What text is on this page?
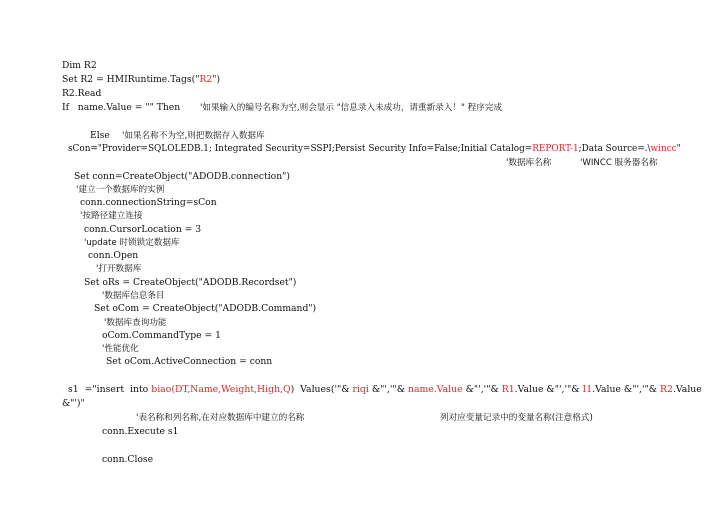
Dim R2
Set R2 = HMIRuntime.Tags("R2")
R2.Read
If   name.Value = "" Then '如果输入的编号名称为空,则会显示 "信息录入未成功，请重新录入！" 程序完成
Else '如果名称不为空,则把数据存入数据库
sCon="Provider=SQLOLEDB.1; Integrated Security=SSPI;Persist Security Info=False;Initial Catalog=REPORT-1;Data Source=.\wincc"
'数据库名称	'WINCC 服务器名称
Set conn=CreateObject("ADODB.connection")
'建立一个数据库的实例
conn.connectionString=sCon
'按路径建立连接
conn.CursorLocation = 3
'update 时锁锁定数据库
conn.Open
'打开数据库
Set oRs = CreateObject("ADODB.Recordset")
'数据库信息条目
Set oCom = CreateObject("ADODB.Command")
'数据库查询功能
oCom.CommandType = 1
'性能优化
Set oCom.ActiveConnection = conn
s1  ="insert  into biao(DT,Name,Weight,High,Q)  Values('"& riqi &"','"& name.Value &"','"& R1.Value &"','"& I1.Value &"','"& R2.Value
&"')"
'表名称和列名称,在对应数据库中建立的名称	列对应变量记录中的变量名称(注意格式)
conn.Execute s1
conn.Close
